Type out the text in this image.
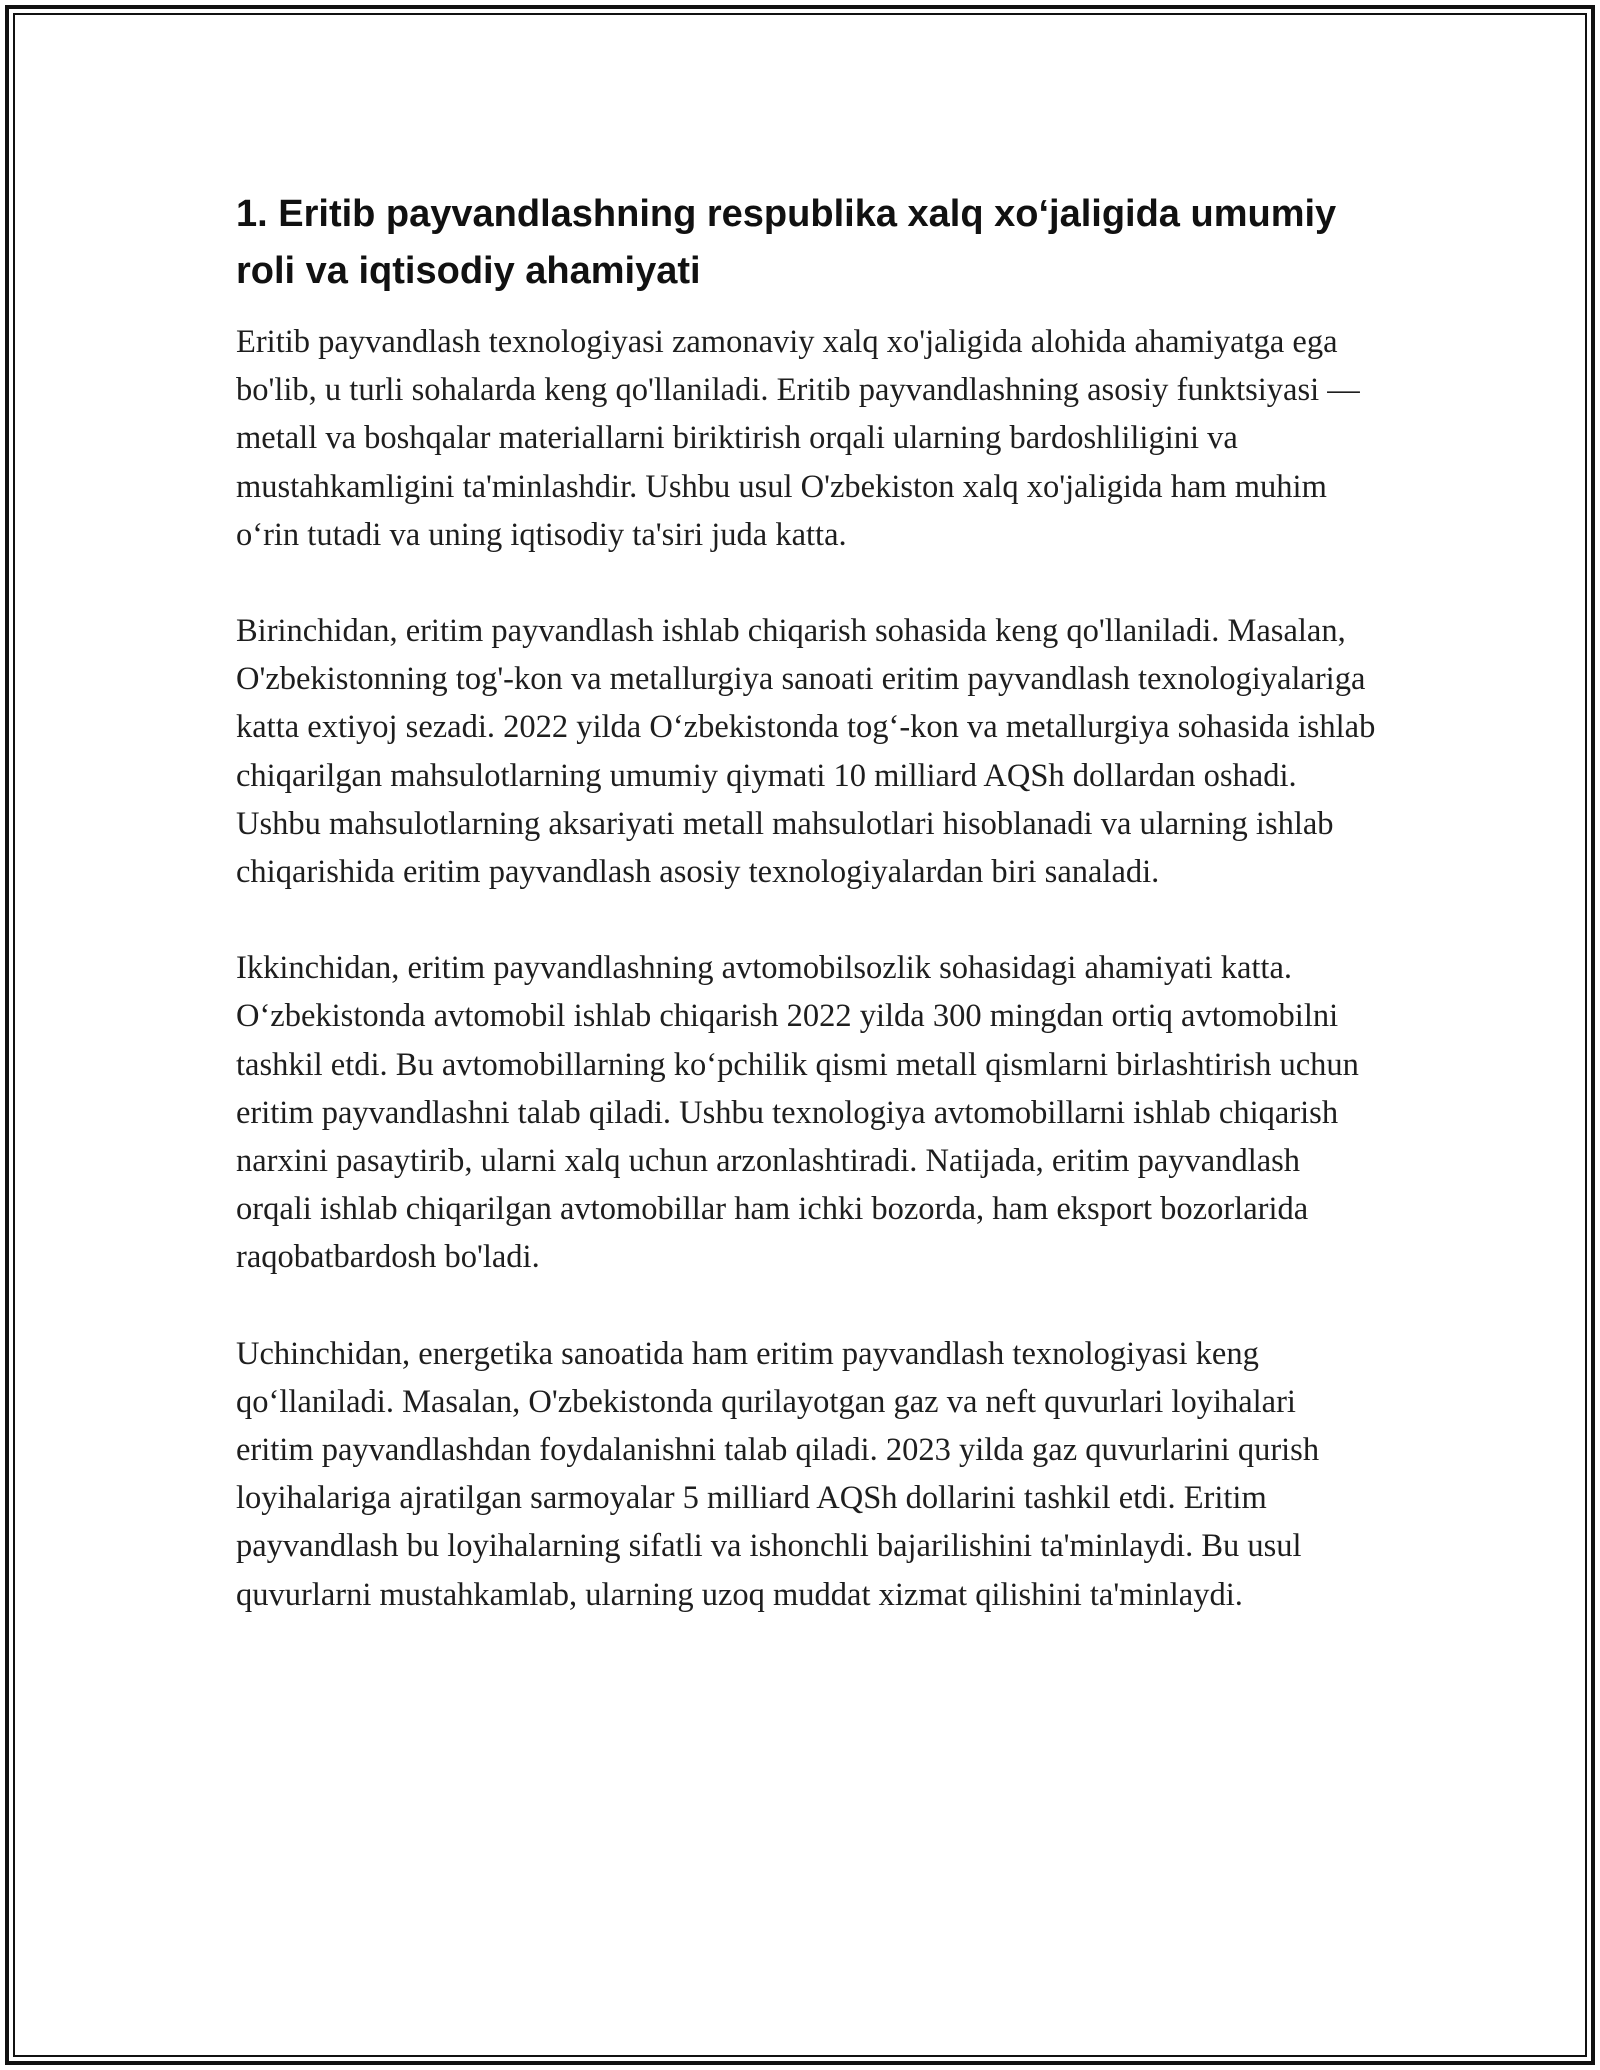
1. Eritib payvandlashning respublika xalq xo‘jaligida umumiy roli va iqtisodiy ahamiyati

Eritib payvandlash texnologiyasi zamonaviy xalq xo'jaligida alohida ahamiyatga ega bo'lib, u turli sohalarda keng qo'llaniladi. Eritib payvandlashning asosiy funktsiyasi — metall va boshqalar materiallarni biriktirish orqali ularning bardoshliligini va mustahkamligini ta'minlashdir. Ushbu usul O'zbekiston xalq xo'jaligida ham muhim o‘rin tutadi va uning iqtisodiy ta'siri juda katta.

Birinchidan, eritim payvandlash ishlab chiqarish sohasida keng qo'llaniladi. Masalan, O'zbekistonning tog'-kon va metallurgiya sanoati eritim payvandlash texnologiyalariga katta extiyoj sezadi. 2022 yilda O‘zbekistonda tog‘-kon va metallurgiya sohasida ishlab chiqarilgan mahsulotlarning umumiy qiymati 10 milliard AQSh dollardan oshadi. Ushbu mahsulotlarning aksariyati metall mahsulotlari hisoblanadi va ularning ishlab chiqarishida eritim payvandlash asosiy texnologiyalardan biri sanaladi.

Ikkinchidan, eritim payvandlashning avtomobilsozlik sohasidagi ahamiyati katta. O‘zbekistonda avtomobil ishlab chiqarish 2022 yilda 300 mingdan ortiq avtomobilni tashkil etdi. Bu avtomobillarning ko‘pchilik qismi metall qismlarni birlashtirish uchun eritim payvandlashni talab qiladi. Ushbu texnologiya avtomobillarni ishlab chiqarish narxini pasaytirib, ularni xalq uchun arzonlashtiradi. Natijada, eritim payvandlash orqali ishlab chiqarilgan avtomobillar ham ichki bozorda, ham eksport bozorlarida raqobatbardosh bo'ladi.

Uchinchidan, energetika sanoatida ham eritim payvandlash texnologiyasi keng qo‘llaniladi. Masalan, O'zbekistonda qurilayotgan gaz va neft quvurlari loyihalari eritim payvandlashdan foydalanishni talab qiladi. 2023 yilda gaz quvurlarini qurish loyihalariga ajratilgan sarmoyalar 5 milliard AQSh dollarini tashkil etdi. Eritim payvandlash bu loyihalarning sifatli va ishonchli bajarilishini ta'minlaydi. Bu usul quvurlarni mustahkamlab, ularning uzoq muddat xizmat qilishini ta'minlaydi.
